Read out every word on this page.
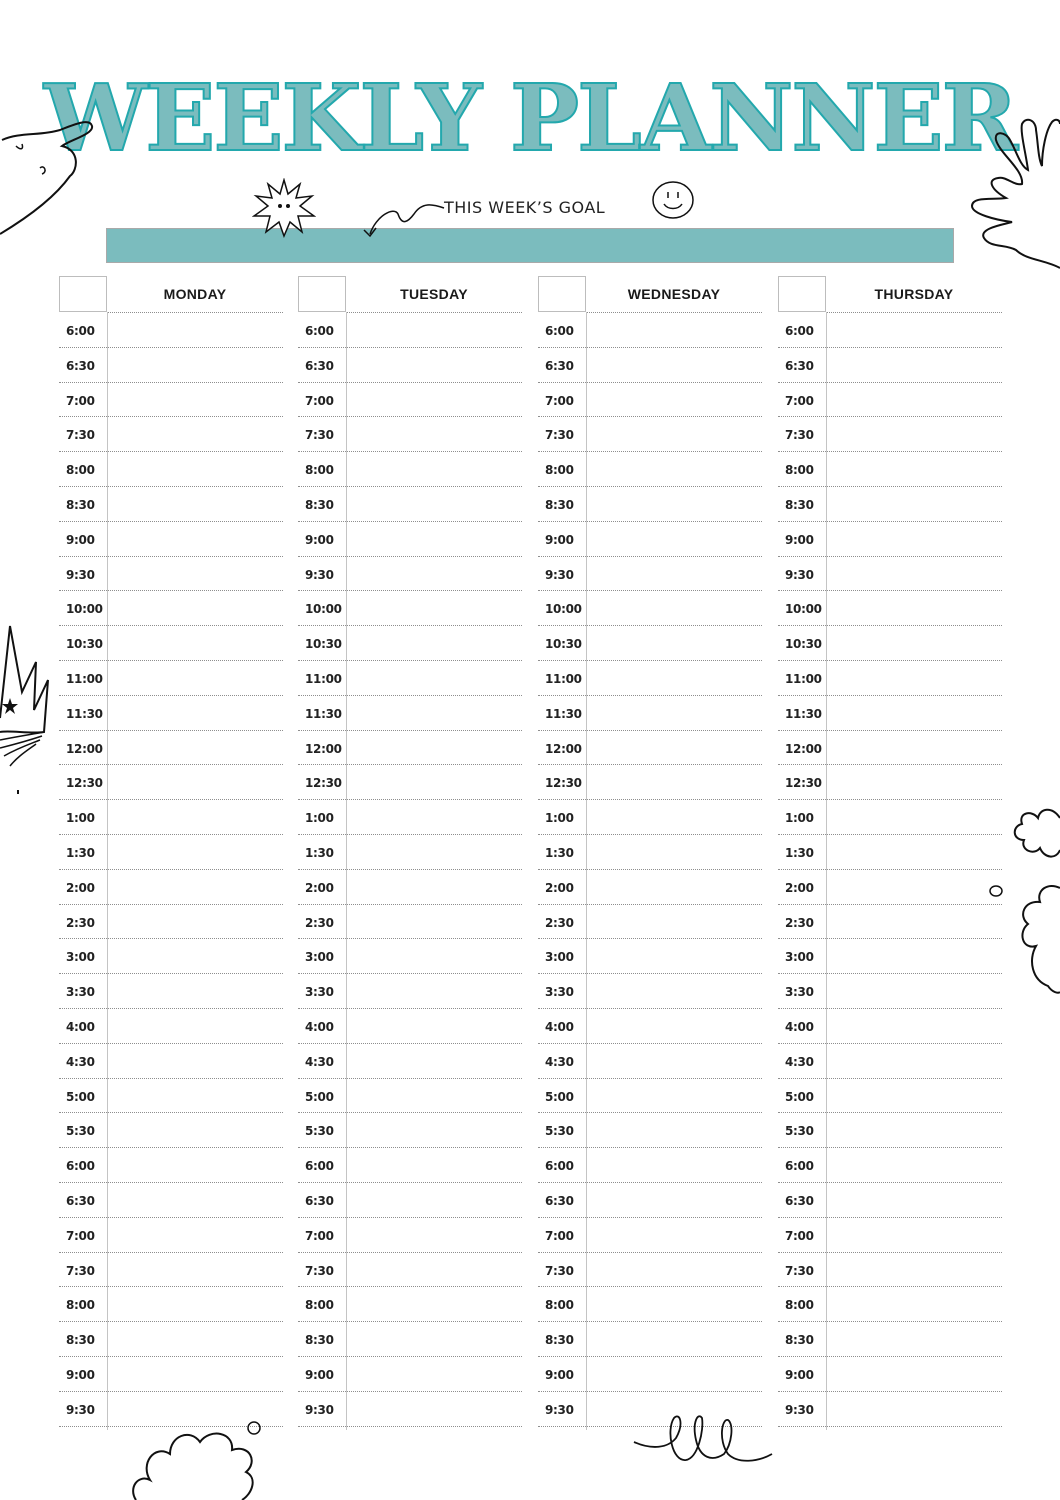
WEEKLY PLANNER
THIS WEEK’S GOAL
MONDAY
6:00
6:30
7:00
7:30
8:00
8:30
9:00
9:30
10:00
10:30
11:00
11:30
12:00
12:30
1:00
1:30
2:00
2:30
3:00
3:30
4:00
4:30
5:00
5:30
6:00
6:30
7:00
7:30
8:00
8:30
9:00
9:30
TUESDAY
6:00
6:30
7:00
7:30
8:00
8:30
9:00
9:30
10:00
10:30
11:00
11:30
12:00
12:30
1:00
1:30
2:00
2:30
3:00
3:30
4:00
4:30
5:00
5:30
6:00
6:30
7:00
7:30
8:00
8:30
9:00
9:30
WEDNESDAY
6:00
6:30
7:00
7:30
8:00
8:30
9:00
9:30
10:00
10:30
11:00
11:30
12:00
12:30
1:00
1:30
2:00
2:30
3:00
3:30
4:00
4:30
5:00
5:30
6:00
6:30
7:00
7:30
8:00
8:30
9:00
9:30
THURSDAY
6:00
6:30
7:00
7:30
8:00
8:30
9:00
9:30
10:00
10:30
11:00
11:30
12:00
12:30
1:00
1:30
2:00
2:30
3:00
3:30
4:00
4:30
5:00
5:30
6:00
6:30
7:00
7:30
8:00
8:30
9:00
9:30
